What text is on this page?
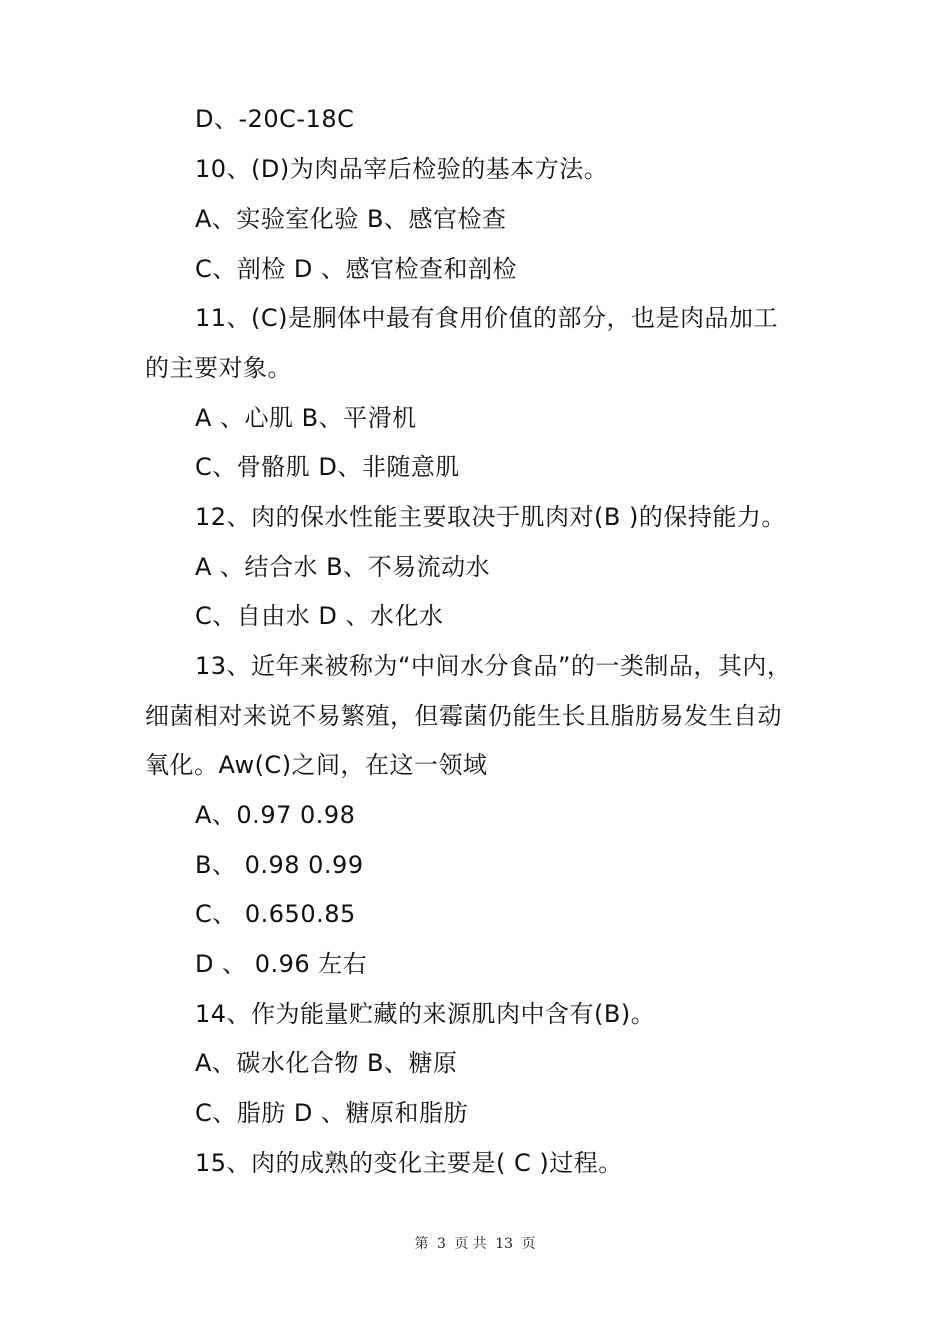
D、-20C-18C

10、(D)为肉品宰后检验的基本方法。

A、实验室化验 B、感官检查

C、剖检 D 、感官检查和剖检

11、(C)是胴体中最有食用价值的部分，也是肉品加工

的主要对象。

A 、心肌 B、平滑机

C、骨骼肌 D、非随意肌

12、肉的保水性能主要取决于肌肉对(B )的保持能力。

A 、结合水 B、不易流动水

C、自由水 D 、水化水

13、近年来被称为“中间水分食品”的一类制品，其内，

细菌相对来说不易繁殖，但霉菌仍能生长且脂肪易发生自动

氧化。Aw(C)之间，在这一领域

A、0.97 0.98

B、 0.98 0.99

C、 0.650.85

D 、 0.96 左右

14、作为能量贮藏的来源肌肉中含有(B)。

A、碳水化合物 B、糖原

C、脂肪 D 、糖原和脂肪

15、肉的成熟的变化主要是( C )过程。

第 3 页 共 13 页
